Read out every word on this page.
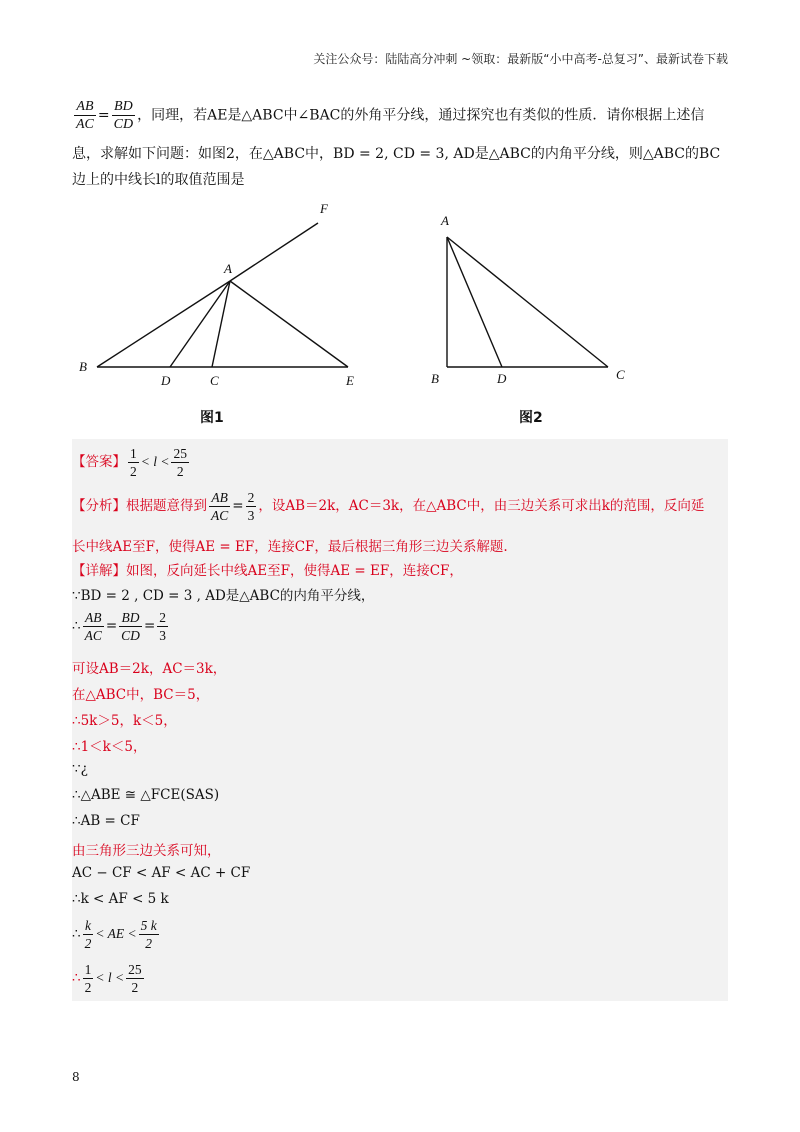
关注公众号：陆陆高分冲刺 ~领取：最新版“小中高考-总复习”、最新试卷下载
$\frac{AB}{AC} = \frac{BD}{CD}$ ，同理，若AE是△ABC中∠BAC的外角平分线，通过探究也有类似的性质．请你根据上述信
息，求解如下问题：如图2，在△ABC中，BD = 2, CD = 3, AD是△ABC的内角平分线，则△ABC的BC
边上的中线长l的取值范围是
F
A
B
D	C	E
A
B	D	C
图1	图2
【答案】 $\frac{1}{2} < l < \frac{25}{2}$
【分析】根据题意得到 $\frac{AB}{AC} = \frac{2}{3}$ ，设AB＝2k，AC＝3k，在△ABC中，由三边关系可求出k的范围，反向延
长中线AE至F，使得AE = EF，连接CF，最后根据三角形三边关系解题.
【详解】如图，反向延长中线AE至F，使得AE = EF，连接CF，
∵BD = 2 , CD = 3 , AD是△ABC的内角平分线，
∴ $\frac{AB}{AC} = \frac{BD}{CD} = \frac{2}{3}$
可设AB＝2k，AC＝3k，
在△ABC中，BC＝5，
∴5k＞5，k＜5，
∴1＜k＜5，
∵¿
∴△ABE ≅ △FCE(SAS)
∴AB = CF
由三角形三边关系可知，
AC − CF < AF < AC + CF
∴k < AF < 5 k
∴ $\frac{k}{2}$ < AE < $\frac{5 k}{2}$
∴ $\frac{1}{2} < l < \frac{25}{2}$
8
